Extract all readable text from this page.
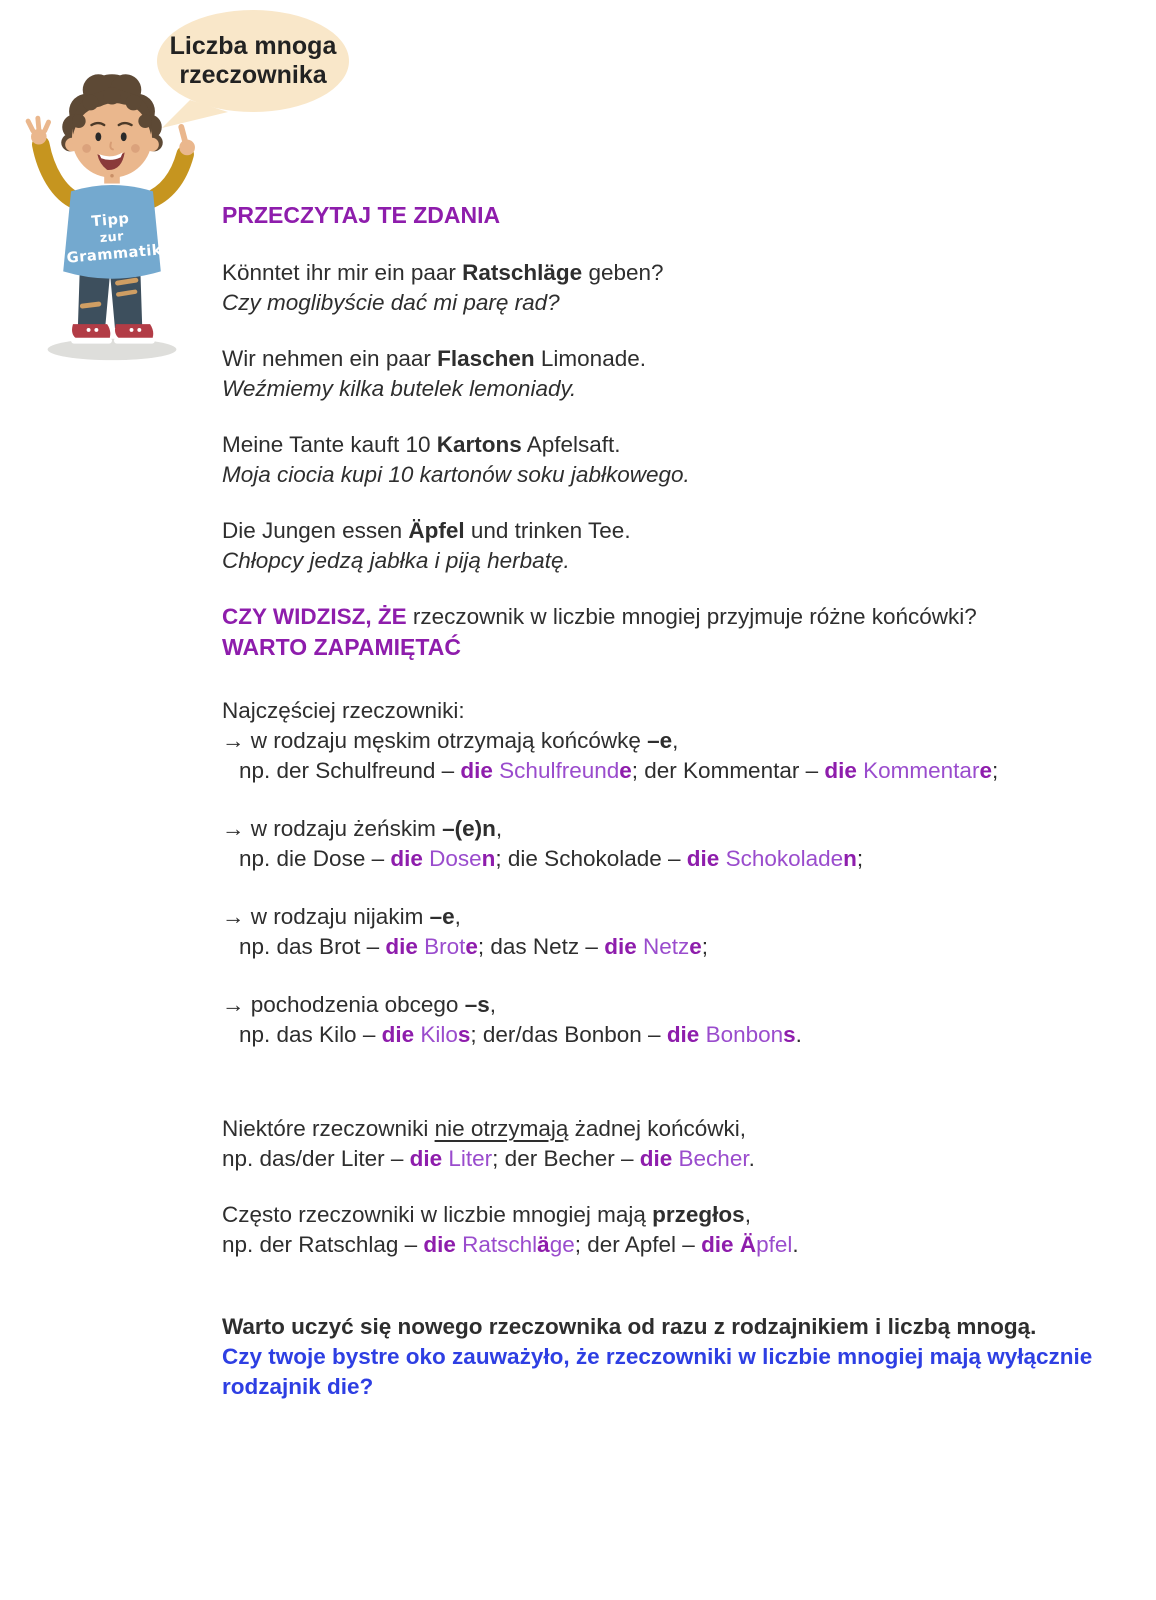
Liczba mnoga
rzeczownika
Tipp
zur
Grammatik
PRZECZYTAJ TE ZDANIA

Könntet ihr mir ein paar Ratschläge geben?

Czy moglibyście dać mi parę rad?

Wir nehmen ein paar Flaschen Limonade.

Weźmiemy kilka butelek lemoniady.

Meine Tante kauft 10 Kartons Apfelsaft.

Moja ciocia kupi 10 kartonów soku jabłkowego.

Die Jungen essen Äpfel und trinken Tee.

Chłopcy jedzą jabłka i piją herbatę.

CZY WIDZISZ, ŻE rzeczownik w liczbie mnogiej przyjmuje różne końcówki?

WARTO ZAPAMIĘTAĆ

Najczęściej rzeczowniki:

→ w rodzaju męskim otrzymają końcówkę –e,

np. der Schulfreund – die Schulfreunde; der Kommentar – die Kommentare;

→ w rodzaju żeńskim –(e)n,

np. die Dose – die Dosen; die Schokolade – die Schokoladen;

→ w rodzaju nijakim –e,

np. das Brot – die Brote; das Netz – die Netze;

→ pochodzenia obcego –s,

np. das Kilo – die Kilos; der/das Bonbon – die Bonbons.

Niektóre rzeczowniki nie otrzymają żadnej końcówki,

np. das/der Liter – die Liter; der Becher – die Becher.

Często rzeczowniki w liczbie mnogiej mają przegłos,

np. der Ratschlag – die Ratschläge; der Apfel – die Äpfel.

Warto uczyć się nowego rzeczownika od razu z rodzajnikiem i liczbą mnogą.

Czy twoje bystre oko zauważyło, że rzeczowniki w liczbie mnogiej mają wyłącznie rodzajnik die?
